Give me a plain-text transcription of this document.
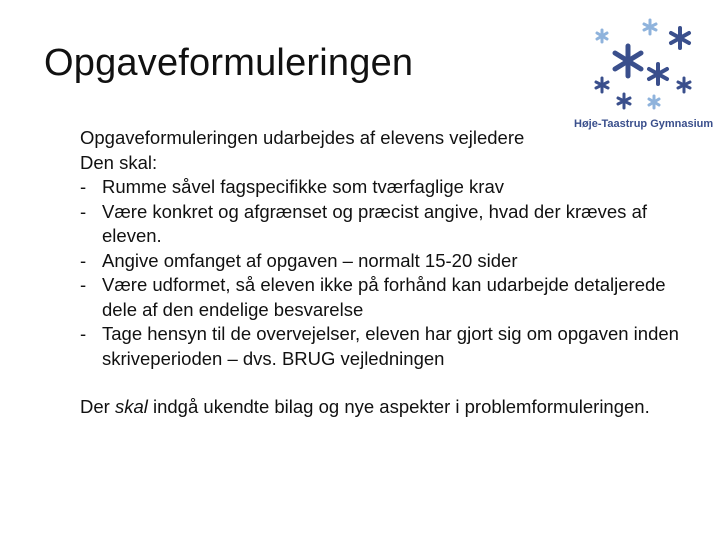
Opgaveformuleringen
Høje-Taastrup Gymnasium

Opgaveformuleringen udarbejdes af elevens vejledere

Den skal:

- Rumme såvel fagspecifikke som tværfaglige krav
- Være konkret og afgrænset og præcist angive, hvad der kræves af eleven.
- Angive omfanget af opgaven – normalt 15-20 sider
- Være udformet, så eleven ikke på forhånd kan udarbejde detaljerede dele af den endelige besvarelse
- Tage hensyn til de overvejelser, eleven har gjort sig om opgaven inden skriveperioden – dvs. BRUG vejledningen

Der skal indgå ukendte bilag og nye aspekter i problemformuleringen.
